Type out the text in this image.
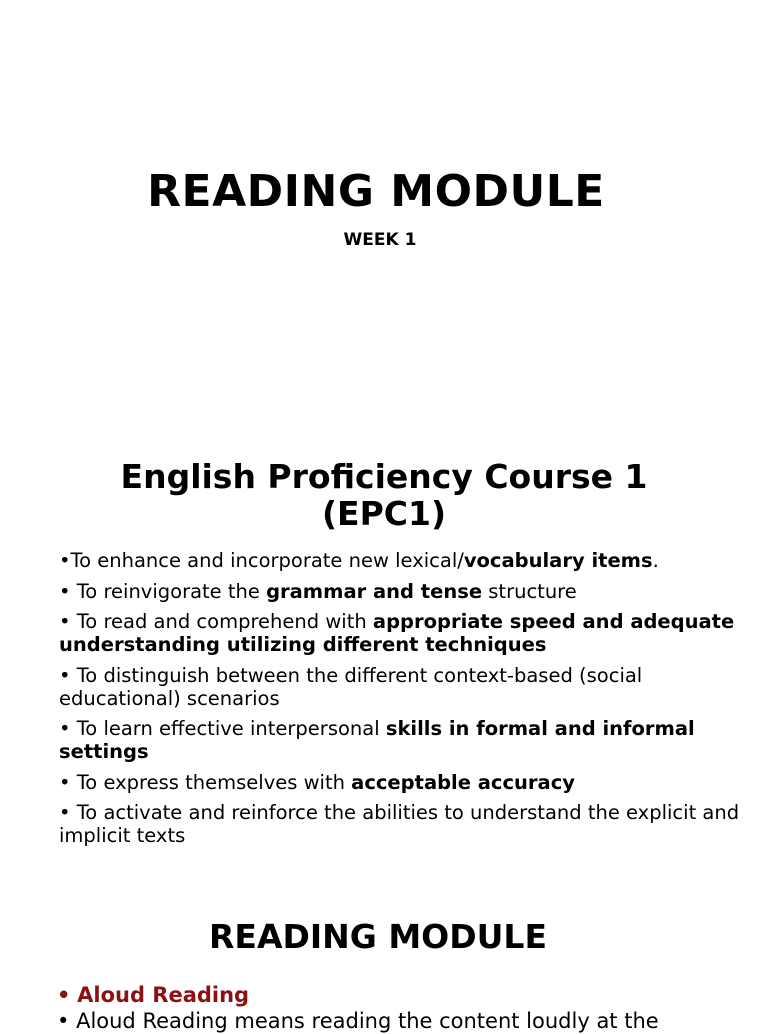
READING MODULE
WEEK 1
English Proficiency Course 1
(EPC1)
•To enhance and incorporate new lexical/vocabulary items.
• To reinvigorate the grammar and tense structure
• To read and comprehend with appropriate speed and adequate understanding utilizing different techniques
• To distinguish between the different context-based (social educational) scenarios
• To learn effective interpersonal skills in formal and informal settings
• To express themselves with acceptable accuracy
• To activate and reinforce the abilities to understand the explicit and implicit texts
READING MODULE
• Aloud Reading
• Aloud Reading means reading the content loudly at the
